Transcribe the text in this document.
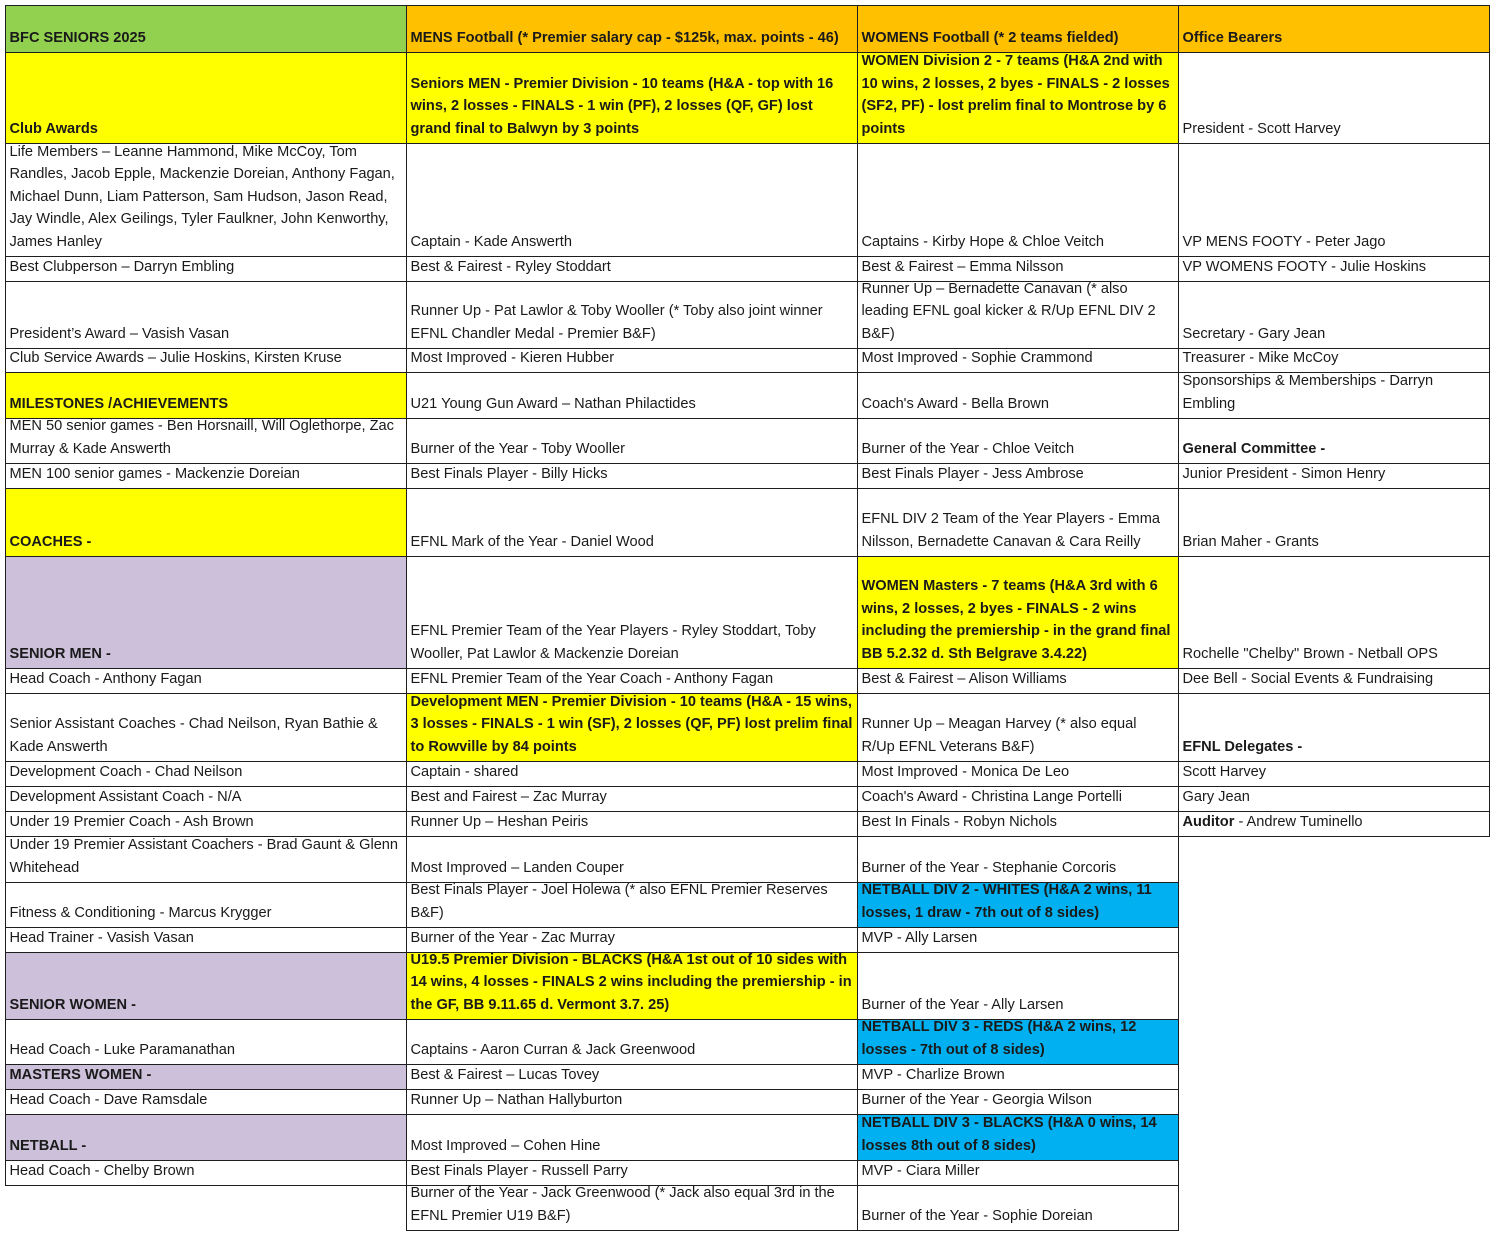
BFC SENIORS 2025
Club Awards
Life Members – Leanne Hammond, Mike McCoy, Tom Randles, Jacob Epple, Mackenzie Doreian, Anthony Fagan, Michael Dunn, Liam Patterson, Sam Hudson, Jason Read, Jay Windle, Alex Geilings, Tyler Faulkner, John Kenworthy, James Hanley
Best Clubperson – Darryn Embling
President’s Award – Vasish Vasan
Club Service Awards – Julie Hoskins, Kirsten Kruse
MILESTONES /ACHIEVEMENTS
MEN 50 senior games - Ben Horsnaill, Will Oglethorpe, Zac Murray & Kade Answerth
MEN 100 senior games - Mackenzie Doreian
COACHES -
SENIOR MEN -
Head Coach - Anthony Fagan
Senior Assistant Coaches - Chad Neilson, Ryan Bathie & Kade Answerth
Development Coach - Chad Neilson
Development Assistant Coach - N/A
Under 19 Premier Coach - Ash Brown
Under 19 Premier Assistant Coachers - Brad Gaunt & Glenn Whitehead
Fitness & Conditioning - Marcus Krygger
Head Trainer - Vasish Vasan
SENIOR WOMEN -
Head Coach - Luke Paramanathan
MASTERS WOMEN -
Head Coach - Dave Ramsdale
NETBALL -
Head Coach - Chelby Brown
MENS Football (* Premier salary cap - $125k, max. points - 46)
Seniors MEN - Premier Division - 10 teams (H&A - top with 16 wins, 2 losses - FINALS - 1 win (PF), 2 losses (QF, GF) lost grand final to Balwyn by 3 points
Captain - Kade Answerth
Best & Fairest - Ryley Stoddart
Runner Up - Pat Lawlor & Toby Wooller (* Toby also joint winner EFNL Chandler Medal - Premier B&F)
Most Improved - Kieren Hubber
U21 Young Gun Award – Nathan Philactides
Burner of the Year - Toby Wooller
Best Finals Player - Billy Hicks
EFNL Mark of the Year - Daniel Wood
EFNL Premier Team of the Year Players - Ryley Stoddart, Toby Wooller, Pat Lawlor & Mackenzie Doreian
EFNL Premier Team of the Year Coach - Anthony Fagan
Development MEN - Premier Division - 10 teams (H&A - 15 wins, 3 losses - FINALS - 1 win (SF), 2 losses (QF, PF) lost prelim final to Rowville by 84 points
Captain - shared
Best and Fairest – Zac Murray
Runner Up – Heshan Peiris
Most Improved – Landen Couper
Best Finals Player - Joel Holewa (* also EFNL Premier Reserves B&F)
Burner of the Year - Zac Murray
U19.5 Premier Division - BLACKS (H&A 1st out of 10 sides with 14 wins, 4 losses - FINALS 2 wins including the premiership - in the GF, BB 9.11.65 d. Vermont 3.7. 25)
Captains - Aaron Curran & Jack Greenwood
Best & Fairest – Lucas Tovey
Runner Up – Nathan Hallyburton
Most Improved – Cohen Hine
Best Finals Player - Russell Parry
Burner of the Year - Jack Greenwood (* Jack also equal 3rd in the EFNL Premier U19 B&F)
WOMENS Football (* 2 teams fielded)
WOMEN Division 2 - 7 teams (H&A 2nd with 10 wins, 2 losses, 2 byes - FINALS - 2 losses (SF2, PF) - lost prelim final to Montrose by 6 points
Captains - Kirby Hope & Chloe Veitch
Best & Fairest – Emma Nilsson
Runner Up – Bernadette Canavan (* also leading EFNL goal kicker & R/Up EFNL DIV 2 B&F)
Most Improved - Sophie Crammond
Coach's Award - Bella Brown
Burner of the Year - Chloe Veitch
Best Finals Player - Jess Ambrose
EFNL DIV 2 Team of the Year Players - Emma Nilsson, Bernadette Canavan & Cara Reilly
WOMEN Masters - 7 teams (H&A 3rd with 6 wins, 2 losses, 2 byes - FINALS - 2 wins including the premiership - in the grand final BB 5.2.32 d. Sth Belgrave 3.4.22)
Best & Fairest – Alison Williams
Runner Up – Meagan Harvey (* also equal R/Up EFNL Veterans B&F)
Most Improved - Monica De Leo
Coach's Award - Christina Lange Portelli
Best In Finals - Robyn Nichols
Burner of the Year - Stephanie Corcoris
NETBALL DIV 2 - WHITES (H&A 2 wins, 11 losses, 1 draw - 7th out of 8 sides)
MVP - Ally Larsen
Burner of the Year - Ally Larsen
NETBALL DIV 3 - REDS (H&A 2 wins, 12 losses - 7th out of 8 sides)
MVP - Charlize Brown
Burner of the Year - Georgia Wilson
NETBALL DIV 3 - BLACKS (H&A 0 wins, 14 losses 8th out of 8 sides)
MVP - Ciara Miller
Burner of the Year - Sophie Doreian
Office Bearers
President - Scott Harvey
VP MENS FOOTY - Peter Jago
VP WOMENS FOOTY - Julie Hoskins
Secretary - Gary Jean
Treasurer - Mike McCoy
Sponsorships & Memberships - Darryn Embling
General Committee -
Junior President - Simon Henry
Brian Maher - Grants
Rochelle "Chelby" Brown - Netball OPS
Dee Bell - Social Events & Fundraising
EFNL Delegates -
Scott Harvey
Gary Jean
Auditor - Andrew Tuminello
